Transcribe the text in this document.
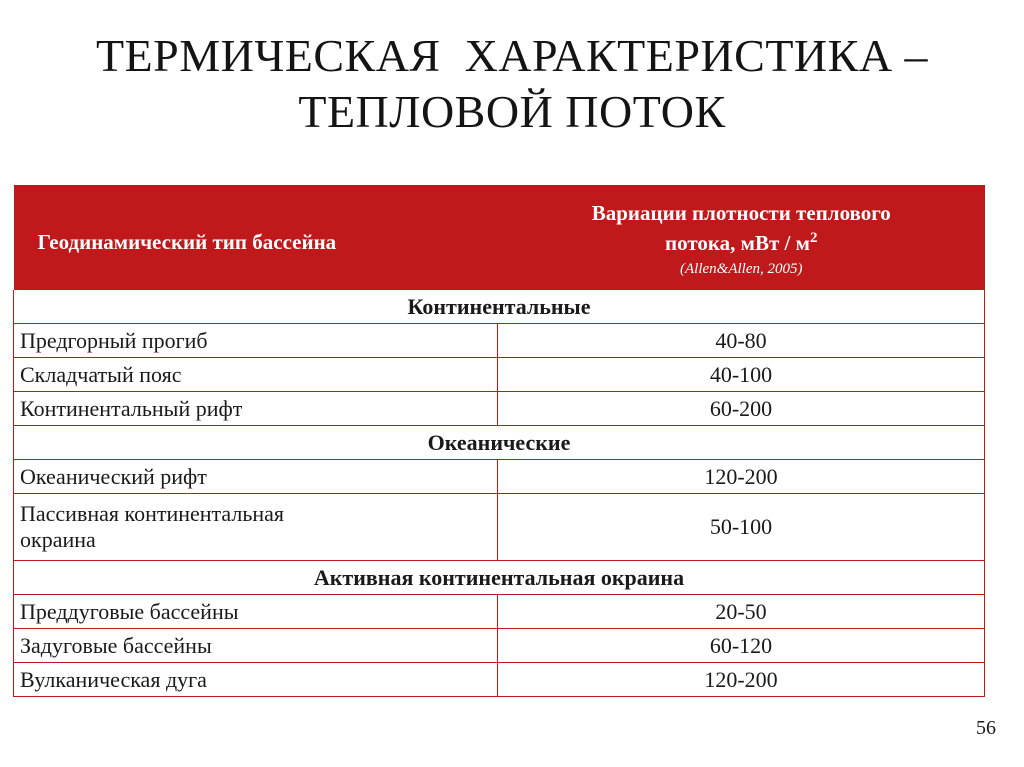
ТЕРМИЧЕСКАЯ  ХАРАКТЕРИСТИКА –
ТЕПЛОВОЙ ПОТОК
Геодинамический тип бассейна	Вариации плотности теплового
потока, мВт / $м^2$
(Allen&Allen, 2005)

Континентальные	
Предгорный прогиб	40-80
Складчатый пояс	40-100
Континентальный рифт	60-200
Океанические	
Океанический рифт	120-200
Пассивная континентальная
окраина	50-100
Активная континентальная окраина	
Преддуговые бассейны	20-50
Задуговые бассейны	60-120
Вулканическая дуга	120-200
56
